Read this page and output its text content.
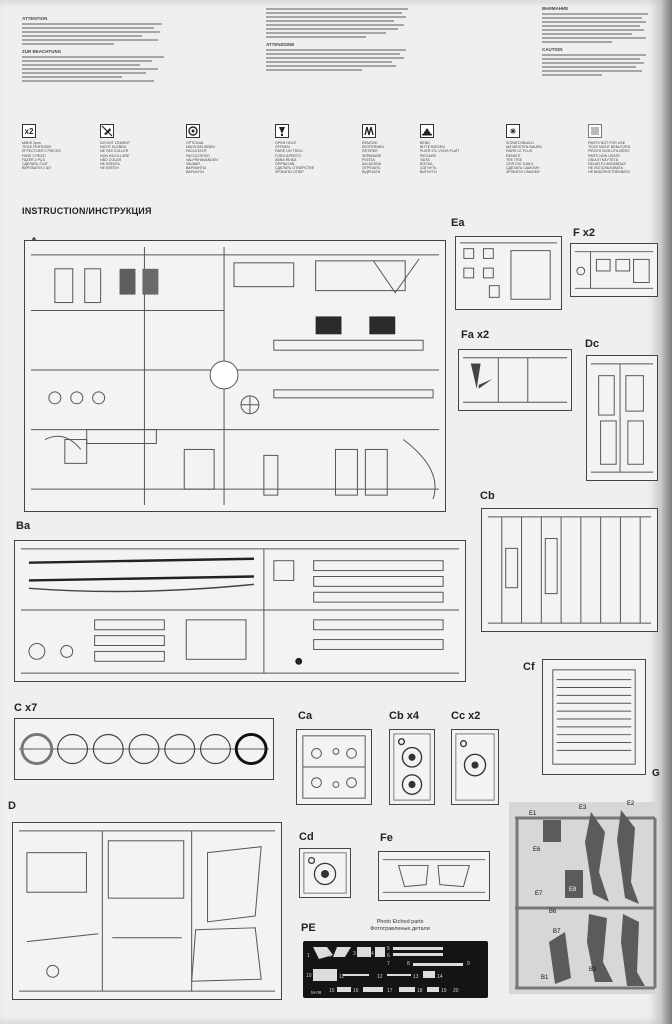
ATTENTION
ZUR BEACHTUNG
ATTENZIONE
ВНИМАНИЕ
CAUTION
x2
MAKE 2pcs
TEILE FERTIGEN
EFFECTUER 2 PIECES
FARE 2 PEZZI
FAZER 2 PÇS
СДЕЛАТЬ 2 ШТ
ВИРОБИТИ 2 ШТ
DO NOT CEMENT
NICHT KLEBEN
NE PAS COLLER
NON INCOLLARE
NÃO COLAR
НЕ КЛЕИТЬ
НЕ КЛЕЇТИ
OPTIONAL
NACH BELIEBEN
FACULTATIF
FACOLTATIVO
VALFRIHAVANDEN
VALBAR
ВАРИАНТЫ
ВАРІАНТИ
OPEN HOLE
ÖFFNEN
FAIRE UN TROU
FORO APERTO
ABRA REIKÄ
ÖPPNA HÅL
СДЕЛАТЬ ОТВЕРСТИЕ
ЗРОБИТИ ОТВІР
REMOVE
ENTFERNEN
RETIRER
SEPARARE
POISTA
AVLÄGSNA
ОТРЕЗАТЬ
ВІДРІЗАТИ
BEND
BITTE BIEGEN
PLIER S'IL VOUS PLAÎT
PIEGARE
TAITA
BÖCKA
СОГНУТЬ
ВИГНУТИ
✳
SCRATCHBUILD
AM MEISTEN BAUEN
FAIRE LE PLUS
RENDITI
TEE ITSE
GÖR DIG SJÄLV
СДЕЛАТЬ САМОМУ
ЗРОБИТИ САМОМУ
PARTS NOT FOR USE
TEILE NICHT BENUTZEN
PIÈCES NON UTILISÉES
PARTI NON USATE
OSIA EI KÄYTETÄ
DELAR EJ ANVÄNDAS
НЕ ИСПОЛЬЗОВАТЬ
НЕ ВИКОРИСТОВУВАТИ
INSTRUCTION/ИНСТРУКЦИЯ
Ea
F x2
Fa x2
Dc
Cb
Ba
Cf
C x7
Ca	Cb x4	Cc x2
G
E1
E3
E2
E6
E7
E8
B6
B7
B1
B3
D
Cd	Fe
PE	Photo Etched parts
Фототравленые детали
1	2	3	4
5
6
7	8	9
10	11	12	13	14
15	16	17	18	19 20
M-08
